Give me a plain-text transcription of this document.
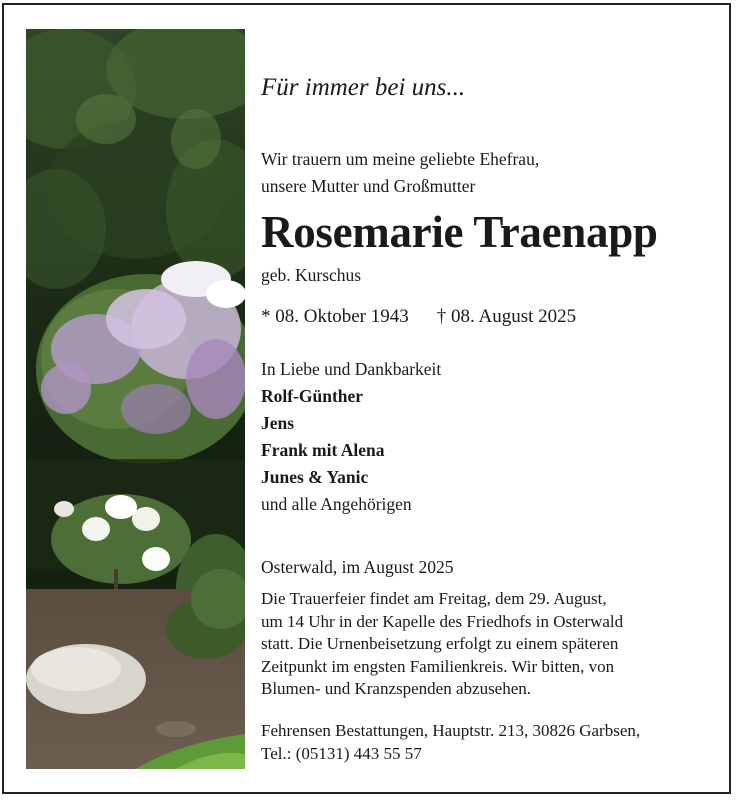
Für immer bei uns...
Wir trauern um meine geliebte Ehefrau,
unsere Mutter und Großmutter
Rosemarie Traenapp
geb. Kurschus
* 08. Oktober 1943 † 08. August 2025
In Liebe und Dankbarkeit
Rolf-Günther
Jens
Frank mit Alena
Junes & Yanic
und alle Angehörigen
Osterwald, im August 2025
Die Trauerfeier findet am Freitag, dem 29. August,
um 14 Uhr in der Kapelle des Friedhofs in Osterwald
statt. Die Urnenbeisetzung erfolgt zu einem späteren
Zeitpunkt im engsten Familienkreis. Wir bitten, von
Blumen- und Kranzspenden abzusehen.
Fehrensen Bestattungen, Hauptstr. 213, 30826 Garbsen,
Tel.: (05131) 443 55 57
